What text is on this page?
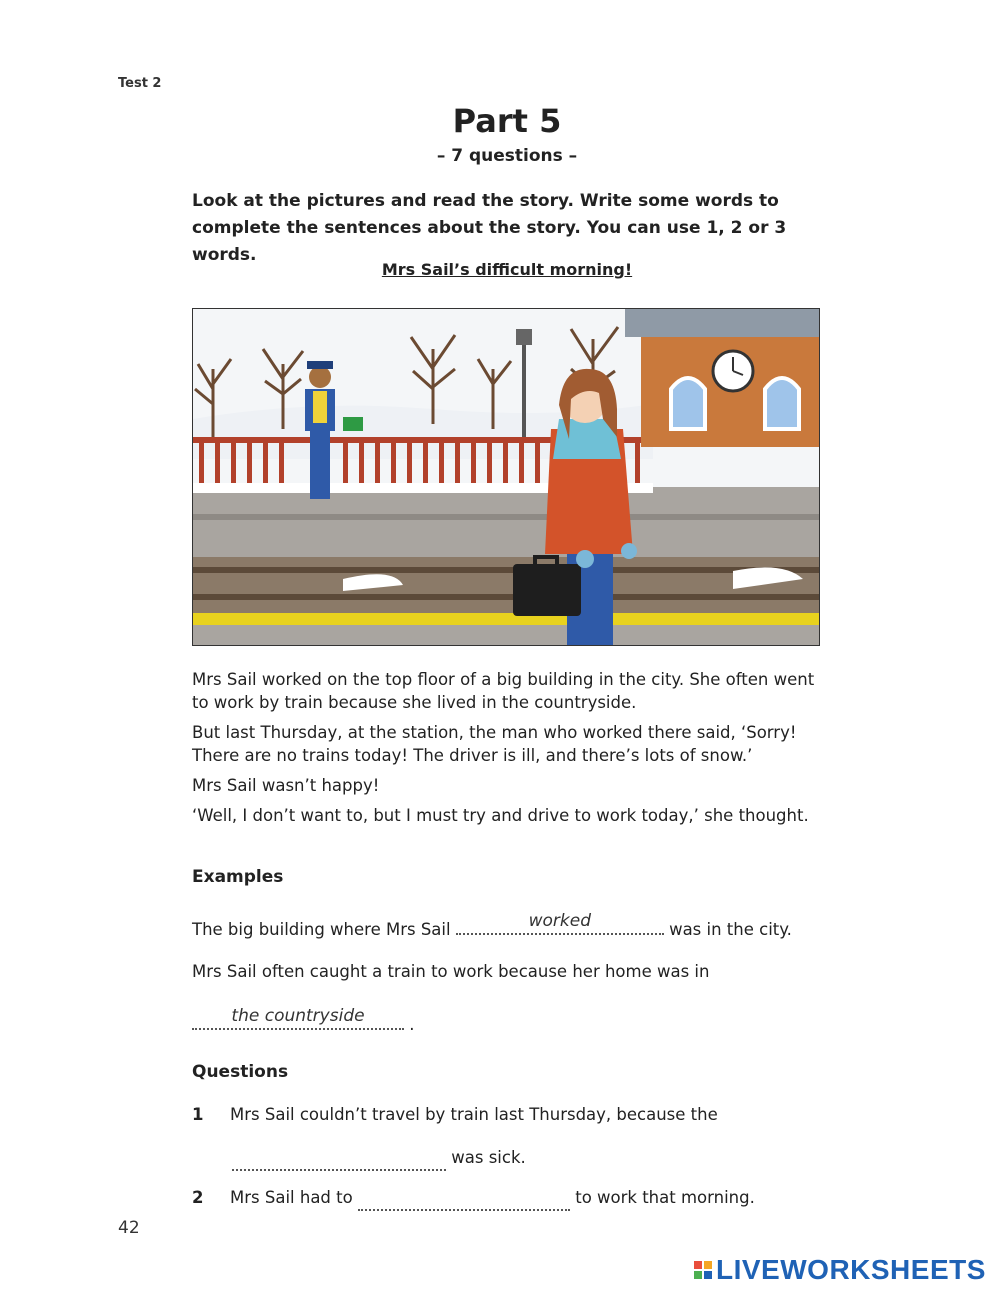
Test 2
Part 5
– 7 questions –
Look at the pictures and read the story. Write some words to complete the sentences about the story. You can use 1, 2 or 3 words.
Mrs Sail’s difficult morning!

Mrs Sail worked on the top floor of a big building in the city. She often went to work by train because she lived in the countryside.

But last Thursday, at the station, the man who worked there said, ‘Sorry! There are no trains today! The driver is ill, and there’s lots of snow.’

Mrs Sail wasn’t happy!

‘Well, I don’t want to, but I must try and drive to work today,’ she thought.

Examples
The big building where Mrs Sail	worked	was in the city.
Mrs Sail often caught a train to work because her home was in
the countryside	.
Questions
1 Mrs Sail couldn’t travel by train last Thursday, because the
was sick.
2 Mrs Sail had to	to work that morning.
42
LIVEWORKSHEETS
